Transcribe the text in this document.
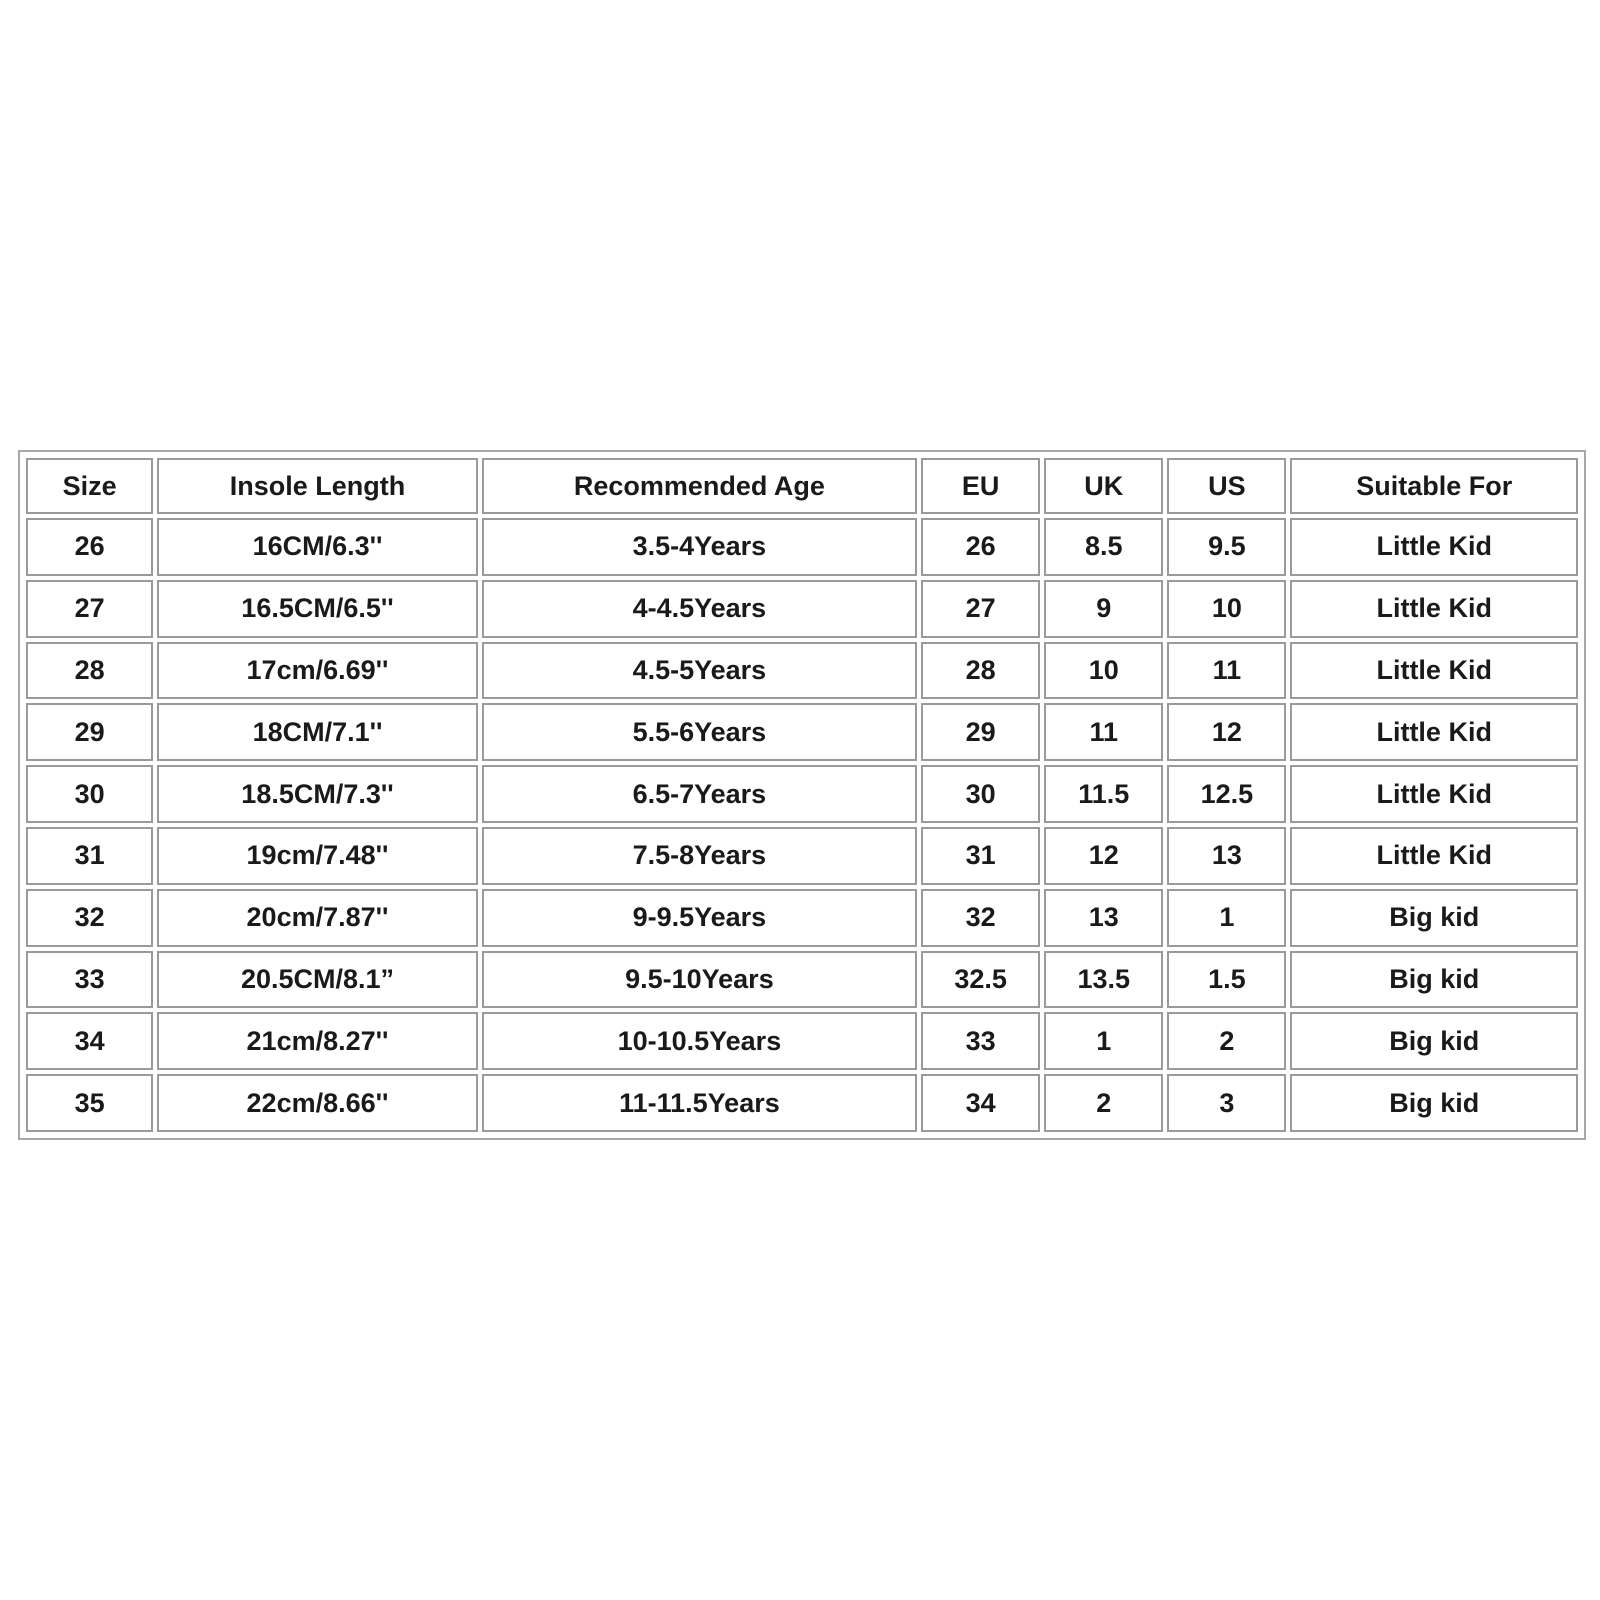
Size	Insole Length	Recommended Age	EU	UK	US	Suitable For
26	16CM/6.3''	3.5-4Years	26	8.5	9.5	Little Kid
27	16.5CM/6.5''	4-4.5Years	27	9	10	Little Kid
28	17cm/6.69''	4.5-5Years	28	10	11	Little Kid
29	18CM/7.1''	5.5-6Years	29	11	12	Little Kid
30	18.5CM/7.3''	6.5-7Years	30	11.5	12.5	Little Kid
31	19cm/7.48''	7.5-8Years	31	12	13	Little Kid
32	20cm/7.87''	9-9.5Years	32	13	1	Big kid
33	20.5CM/8.1”	9.5-10Years	32.5	13.5	1.5	Big kid
34	21cm/8.27''	10-10.5Years	33	1	2	Big kid
35	22cm/8.66''	11-11.5Years	34	2	3	Big kid
